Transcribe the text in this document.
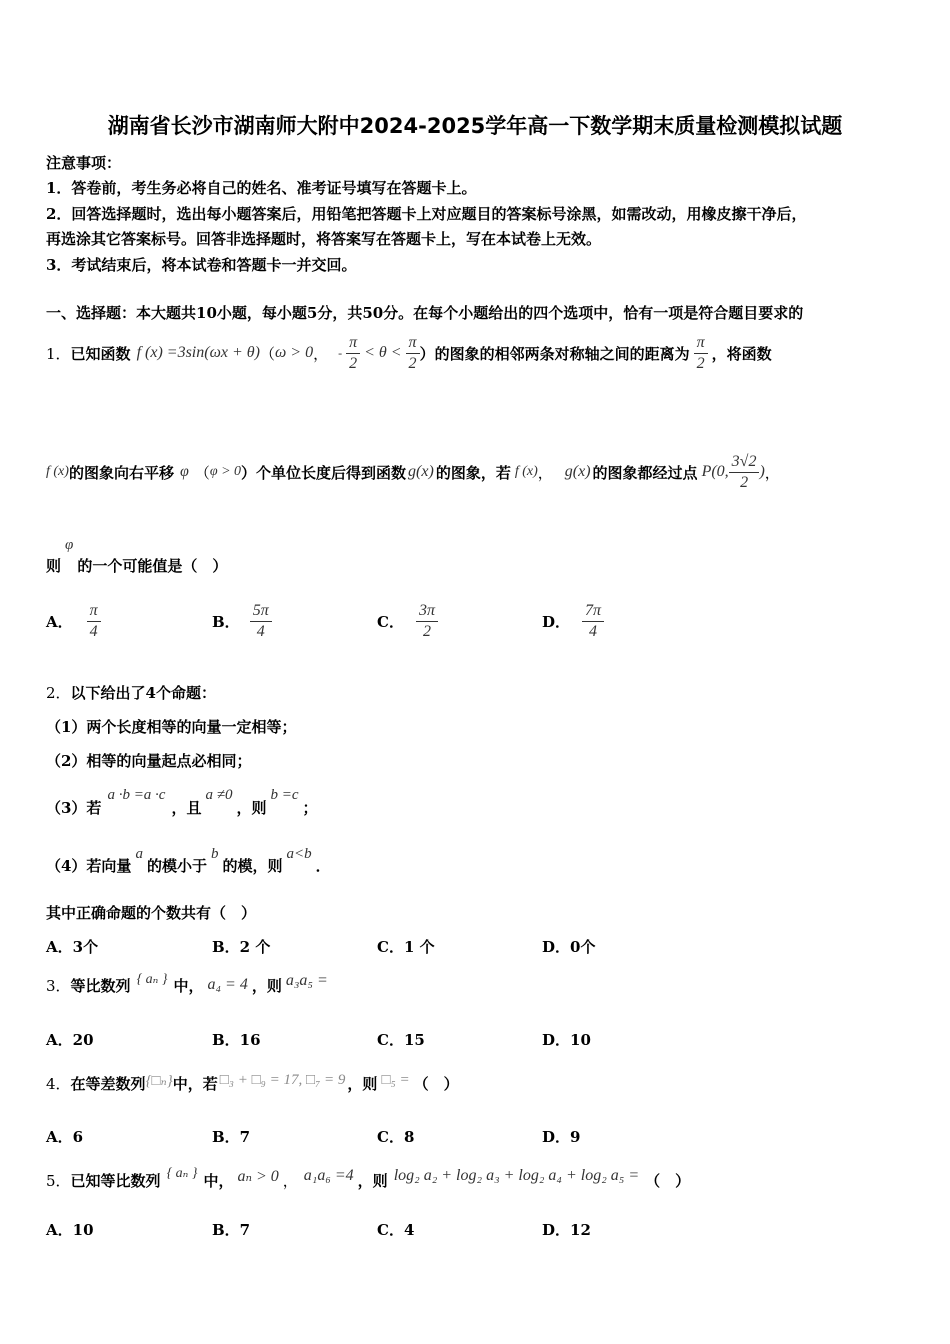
湖南省长沙市湖南师大附中2024-2025学年高一下数学期末质量检测模拟试题
注意事项：
1．答卷前，考生务必将自己的姓名、准考证号填写在答题卡上。
2．回答选择题时，选出每小题答案后，用铅笔把答题卡上对应题目的答案标号涂黑，如需改动，用橡皮擦干净后，
再选涂其它答案标号。回答非选择题时，将答案写在答题卡上，写在本试卷上无效。
3．考试结束后，将本试卷和答题卡一并交回。
一、选择题：本大题共10小题，每小题5分，共50分。在每个小题给出的四个选项中，恰有一项是符合题目要求的
1． 已知函数 f (x) =3sin(ωx + θ) （ ω > 0 ， - $\frac{\pi}{2} < \theta < \frac{\pi}{2}$ ）的图象的相邻两条对称轴之间的距离为 $\frac{\pi}{2}$ ，将函数
f (x) 的图象向右平移 φ （ φ > 0 ）个单位长度后得到函数 g(x) 的图象，若 f (x) ， g(x) 的图象都经过点 P(0, $\frac{3√2}{2}$ ) ，
则
φ
的一个可能值是（　）
A． $\frac{\pi}{4}$	B． $\frac{5\pi}{4}$	C． $\frac{3\pi}{2}$	D． $\frac{7\pi}{4}$
2．以下给出了4个命题：
（1）两个长度相等的向量一定相等；
（2）相等的向量起点必相同；
（3）若
a ·b =a ·c
，且
a ≠0
，则
b =c
；
（4）若向量
a
的模小于
b
的模，则
a<b
．
其中正确命题的个数共有（　）
A．3个	B．2 个	C．1 个	D．0个
3． 等比数列 { aₙ } 中， a₄ = 4 ，则 a₃a₅ =
A．20	B．16	C．15	D．10
4． 在等差数列 {□ₙ} 中，若 □₃ + □₉ = 17, □₇ = 9 ，则 □₅ = （　）
A．6	B．7	C．8	D．9
5． 已知等比数列 { aₙ } 中， aₙ > 0 ， a₁a₆ =4 ，则 log₂ a₂ + log₂ a₃ + log₂ a₄ + log₂ a₅ = （　）
A．10	B．7	C．4	D．12
